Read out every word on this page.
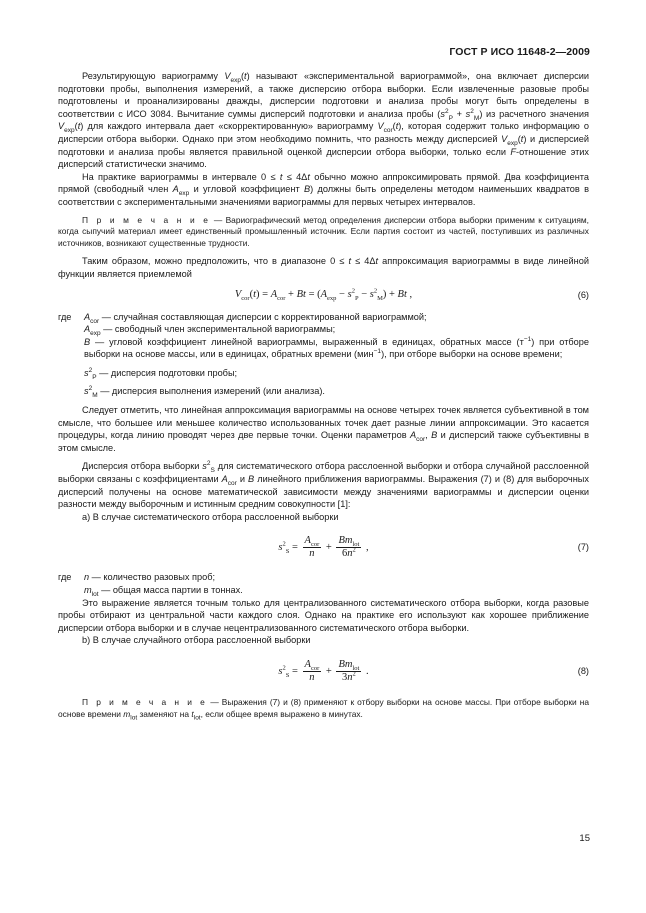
ГОСТ Р ИСО 11648-2—2009

Результирующую вариограмму $V_{exp}(t)$ называют «экспериментальной вариограммой», она включает дисперсии подготовки пробы, выполнения измерений, а также дисперсию отбора выборки. Если извлеченные разовые пробы подготовлены и проанализированы дважды, дисперсии подготовки и анализа пробы могут быть определены в соответствии с ИСО 3084. Вычитание суммы дисперсий подготовки и анализа пробы $(s^2_P + s^2_M)$ из расчетного значения $V_{exp}(t)$ для каждого интервала дает «скорректированную» вариограмму $V_{cor}(t)$, которая содержит только информацию о дисперсии отбора выборки. Однако при этом необходимо помнить, что разность между дисперсией $V_{exp}(t)$ и дисперсией подготовки и анализа пробы является правильной оценкой дисперсии отбора выборки, только если F-отношение этих дисперсий статистически значимо.

На практике вариограммы в интервале 0 ≤ t ≤ 4Δt обычно можно аппроксимировать прямой. Два коэффициента прямой (свободный член $A_{exp}$ и угловой коэффициент B) должны быть определены методом наименьших квадратов в соответствии с экспериментальными значениями вариограммы для первых четырех интервалов.

П р и м е ч а н и е — Вариографический метод определения дисперсии отбора выборки применим к ситуациям, когда сыпучий материал имеет единственный промышленный источник. Если партия состоит из частей, поступивших из различных источников, возникают существенные трудности.

Таким образом, можно предположить, что в диапазоне 0 ≤ t ≤ 4Δt аппроксимация вариограммы в виде линейной функции является приемлемой

$V_{cor}(t) = A_{cor} + Bt = (A_{exp} - s^2_P - s^2_M) + Bt$ ,	(6)
где	$A_{cor}$ — случайная составляющая дисперсии с корректированной вариограммой;
$A_{exp}$ — свободный член экспериментальной вариограммы;
B — угловой коэффициент линейной вариограммы, выраженный в единицах, обратных массе $(т^{-1})$ при отборе выборки на основе массы, или в единицах, обратных времени (мин$^{-1}$), при отборе выборки на основе времени;
$s^2_P$ — дисперсия подготовки пробы;
$s^2_M$ — дисперсия выполнения измерений (или анализа).

Следует отметить, что линейная аппроксимация вариограммы на основе четырех точек является субъективной в том смысле, что большее или меньшее количество использованных точек дает разные линии аппроксимации. Это касается процедуры, когда линию проводят через две первые точки. Оценки параметров $A_{cor}$, B и дисперсий также субъективны в этом смысле.

Дисперсия отбора выборки $s^2_S$ для систематического отбора расслоенной выборки и отбора случайной расслоенной выборки связаны с коэффициентами $A_{cor}$ и B линейного приближения вариограммы. Выражения (7) и (8) для выборочных дисперсий получены на основе математической зависимости между значениями вариограммы и дисперсии оценки разности между выборочным и истинным средним совокупности [1]:

а) В случае систематического отбора расслоенной выборки

$s^2_S = \frac{A_{cor}}{n} + \frac{Bm_{lot}}{6n^2}$ ,	(7)
где	n — количество разовых проб;
$m_{lot}$ — общая масса партии в тоннах.

Это выражение является точным только для централизованного систематического отбора выборки, когда разовые пробы отбирают из центральной части каждого слоя. Однако на практике его используют как хорошее приближение дисперсии отбора выборки и в случае нецентрализованного систематического отбора выборки.

b) В случае случайного отбора расслоенной выборки

$s^2_S = \frac{A_{cor}}{n} + \frac{Bm_{lot}}{3n^2}$ .	(8)

П р и м е ч а н и е — Выражения (7) и (8) применяют к отбору выборки на основе массы. При отборе выборки на основе времени $m_{lot}$ заменяют на $t_{lot}$, если общее время выражено в минутах.

15
